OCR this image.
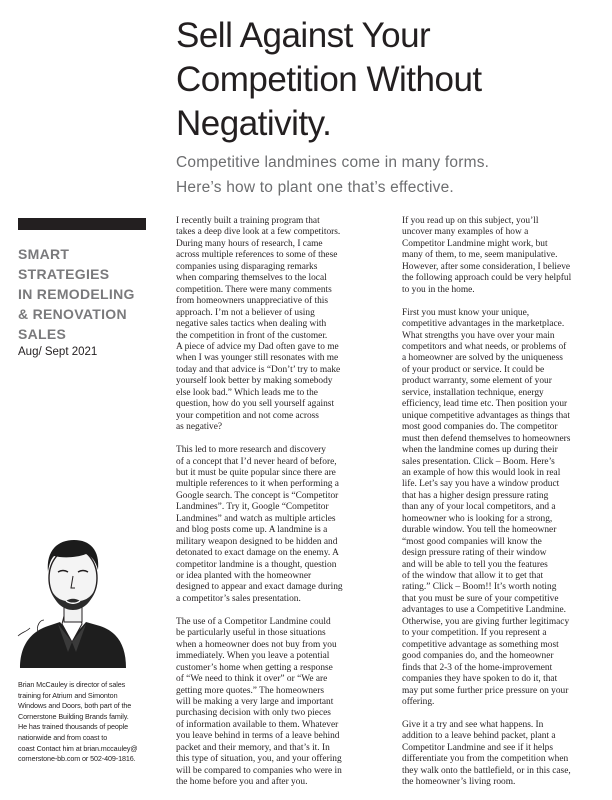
Sell Against Your
Competition Without
Negativity.
Competitive landmines come in many forms.
Here’s how to plant one that’s effective.
SMART
STRATEGIES
IN REMODELING
& RENOVATION
SALES
Aug/ Sept 2021
Brian McCauley is director of sales
training for Atrium and Simonton
Windows and Doors, both part of the
Cornerstone Building Brands family.
He has trained thousands of people
nationwide and from coast to
coast Contact him at brian.mccauley@
cornerstone-bb.com or 502-409-1816.

I recently built a training program that
takes a deep dive look at a few competitors.
During many hours of research, I came
across multiple references to some of these
companies using disparaging remarks
when comparing themselves to the local
competition. There were many comments
from homeowners unappreciative of this
approach. I’m not a believer of using
negative sales tactics when dealing with
the competition in front of the customer.
A piece of advice my Dad often gave to me
when I was younger still resonates with me
today and that advice is “Don’t’ try to make
yourself look better by making somebody
else look bad.” Which leads me to the
question, how do you sell yourself against
your competition and not come across
as negative?

This led to more research and discovery
of a concept that I’d never heard of before,
but it must be quite popular since there are
multiple references to it when performing a
Google search. The concept is “Competitor
Landmines”. Try it, Google “Competitor
Landmines” and watch as multiple articles
and blog posts come up. A landmine is a
military weapon designed to be hidden and
detonated to exact damage on the enemy. A
competitor landmine is a thought, question
or idea planted with the homeowner
designed to appear and exact damage during
a competitor’s sales presentation.

The use of a Competitor Landmine could
be particularly useful in those situations
when a homeowner does not buy from you
immediately. When you leave a potential
customer’s home when getting a response
of “We need to think it over” or “We are
getting more quotes.” The homeowners
will be making a very large and important
purchasing decision with only two pieces
of information available to them. Whatever
you leave behind in terms of a leave behind
packet and their memory, and that’s it. In
this type of situation, you, and your offering
will be compared to companies who were in
the home before you and after you.

If you read up on this subject, you’ll
uncover many examples of how a
Competitor Landmine might work, but
many of them, to me, seem manipulative.
However, after some consideration, I believe
the following approach could be very helpful
to you in the home.

First you must know your unique,
competitive advantages in the marketplace.
What strengths you have over your main
competitors and what needs, or problems of
a homeowner are solved by the uniqueness
of your product or service. It could be
product warranty, some element of your
service, installation technique, energy
efficiency, lead time etc. Then position your
unique competitive advantages as things that
most good companies do. The competitor
must then defend themselves to homeowners
when the landmine comes up during their
sales presentation. Click – Boom. Here’s
an example of how this would look in real
life. Let’s say you have a window product
that has a higher design pressure rating
than any of your local competitors, and a
homeowner who is looking for a strong,
durable window. You tell the homeowner
“most good companies will know the
design pressure rating of their window
and will be able to tell you the features
of the window that allow it to get that
rating.” Click – Boom!! It’s worth noting
that you must be sure of your competitive
advantages to use a Competitive Landmine.
Otherwise, you are giving further legitimacy
to your competition. If you represent a
competitive advantage as something most
good companies do, and the homeowner
finds that 2-3 of the home-improvement
companies they have spoken to do it, that
may put some further price pressure on your
offering.

Give it a try and see what happens. In
addition to a leave behind packet, plant a
Competitor Landmine and see if it helps
differentiate you from the competition when
they walk onto the battlefield, or in this case,
the homeowner’s living room.
